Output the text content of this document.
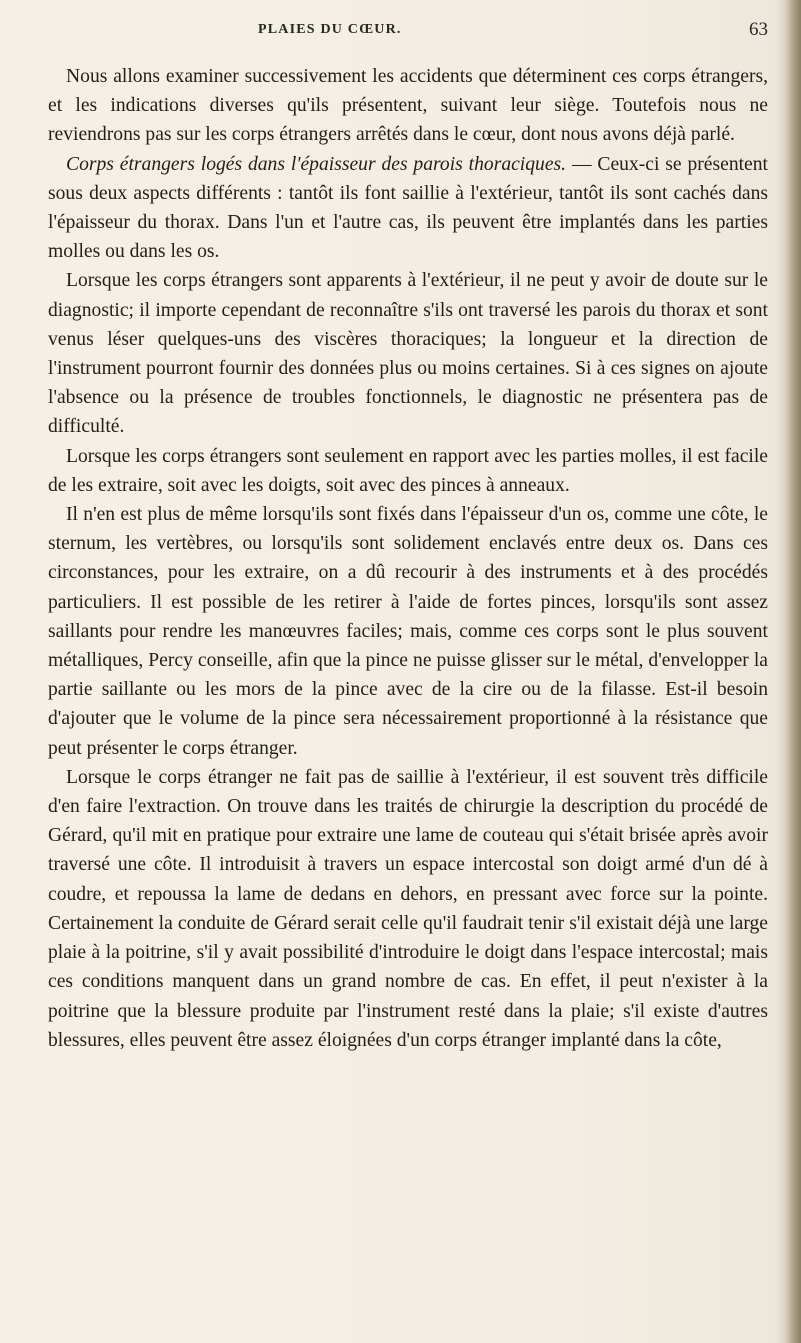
PLAIES DU CŒUR.	63

Nous allons examiner successivement les accidents que déterminent ces corps étrangers, et les indications diverses qu'ils présentent, suivant leur siège. Toutefois nous ne reviendrons pas sur les corps étrangers arrêtés dans le cœur, dont nous avons déjà parlé.

Corps étrangers logés dans l'épaisseur des parois thoraciques. — Ceux-ci se présentent sous deux aspects différents : tantôt ils font saillie à l'extérieur, tantôt ils sont cachés dans l'épaisseur du thorax. Dans l'un et l'autre cas, ils peuvent être implantés dans les parties molles ou dans les os.

Lorsque les corps étrangers sont apparents à l'extérieur, il ne peut y avoir de doute sur le diagnostic; il importe cependant de reconnaître s'ils ont traversé les parois du thorax et sont venus léser quelques-uns des viscères thoraciques; la longueur et la direction de l'instrument pourront fournir des données plus ou moins certaines. Si à ces signes on ajoute l'absence ou la présence de troubles fonctionnels, le diagnostic ne présentera pas de difficulté.

Lorsque les corps étrangers sont seulement en rapport avec les parties molles, il est facile de les extraire, soit avec les doigts, soit avec des pinces à anneaux.

Il n'en est plus de même lorsqu'ils sont fixés dans l'épaisseur d'un os, comme une côte, le sternum, les vertèbres, ou lorsqu'ils sont solidement enclavés entre deux os. Dans ces circonstances, pour les extraire, on a dû recourir à des instruments et à des procédés particuliers. Il est possible de les retirer à l'aide de fortes pinces, lorsqu'ils sont assez saillants pour rendre les manœuvres faciles; mais, comme ces corps sont le plus souvent métalliques, Percy conseille, afin que la pince ne puisse glisser sur le métal, d'envelopper la partie saillante ou les mors de la pince avec de la cire ou de la filasse. Est-il besoin d'ajouter que le volume de la pince sera nécessairement proportionné à la résistance que peut présenter le corps étranger.

Lorsque le corps étranger ne fait pas de saillie à l'extérieur, il est souvent très difficile d'en faire l'extraction. On trouve dans les traités de chirurgie la description du procédé de Gérard, qu'il mit en pratique pour extraire une lame de couteau qui s'était brisée après avoir traversé une côte. Il introduisit à travers un espace intercostal son doigt armé d'un dé à coudre, et repoussa la lame de dedans en dehors, en pressant avec force sur la pointe. Certainement la conduite de Gérard serait celle qu'il faudrait tenir s'il existait déjà une large plaie à la poitrine, s'il y avait possibilité d'introduire le doigt dans l'espace intercostal; mais ces conditions manquent dans un grand nombre de cas. En effet, il peut n'exister à la poitrine que la blessure produite par l'instrument resté dans la plaie; s'il existe d'autres blessures, elles peuvent être assez éloignées d'un corps étranger implanté dans la côte,
